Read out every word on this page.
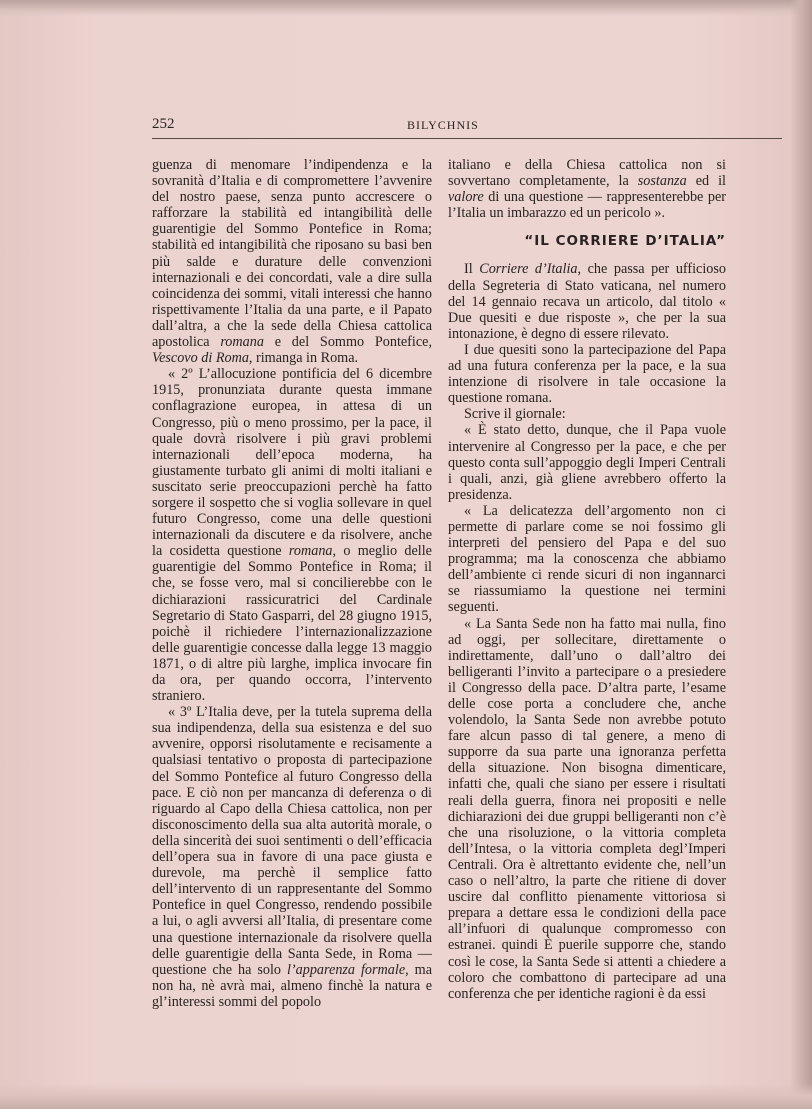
252	BILYCHNIS

guenza di menomare l’indipendenza e la sovranità d’Italia e di compromettere l’avvenire del nostro paese, senza punto accrescere o rafforzare la stabilità ed intangibilità delle guarentigie del Sommo Pontefice in Roma; stabilità ed intangibilità che riposano su basi ben più salde e durature delle convenzioni internazionali e dei concordati, vale a dire sulla coincidenza dei sommi, vitali interessi che hanno rispettivamente l’Italia da una parte, e il Papato dall’altra, a che la sede della Chiesa cattolica apostolica romana e del Sommo Pontefice, Vescovo di Roma, rimanga in Roma.

« 2º L’allocuzione pontificia del 6 dicembre 1915, pronunziata durante questa immane conflagrazione europea, in attesa di un Congresso, più o meno prossimo, per la pace, il quale dovrà risolvere i più gravi problemi internazionali dell’epoca moderna, ha giustamente turbato gli animi di molti italiani e suscitato serie preoccupazioni perchè ha fatto sorgere il sospetto che si voglia sollevare in quel futuro Congresso, come una delle questioni internazionali da discutere e da risolvere, anche la cosidetta questione romana, o meglio delle guarentigie del Sommo Pontefice in Roma; il che, se fosse vero, mal si concilierebbe con le dichiarazioni rassicuratrici del Cardinale Segretario di Stato Gasparri, del 28 giugno 1915, poichè il richiedere l’internazionalizzazione delle guarentigie concesse dalla legge 13 maggio 1871, o di altre più larghe, implica invocare fin da ora, per quando occorra, l’intervento straniero.

« 3º L’Italia deve, per la tutela suprema della sua indipendenza, della sua esistenza e del suo avvenire, opporsi risolutamente e recisamente a qualsiasi tentativo o proposta di partecipazione del Sommo Pontefice al futuro Congresso della pace. E ciò non per mancanza di deferenza o di riguardo al Capo della Chiesa cattolica, non per disconoscimento della sua alta autorità morale, o della sincerità dei suoi sentimenti o dell’efficacia dell’opera sua in favore di una pace giusta e durevole, ma perchè il semplice fatto dell’intervento di un rappresentante del Sommo Pontefice in quel Congresso, rendendo possibile a lui, o agli avversi all’Italia, di presentare come una questione internazionale da risolvere quella delle guarentigie della Santa Sede, in Roma — questione che ha solo l’apparenza formale, ma non ha, nè avrà mai, almeno finchè la natura e gl’interessi sommi del popolo

italiano e della Chiesa cattolica non si sovvertano completamente, la sostanza ed il valore di una questione — rappresenterebbe per l’Italia un imbarazzo ed un pericolo ».

“IL CORRIERE D’ITALIA”

Il Corriere d’Italia, che passa per ufficioso della Segreteria di Stato vaticana, nel numero del 14 gennaio recava un articolo, dal titolo « Due quesiti e due risposte », che per la sua intonazione, è degno di essere rilevato.

I due quesiti sono la partecipazione del Papa ad una futura conferenza per la pace, e la sua intenzione di risolvere in tale occasione la questione romana.

Scrive il giornale:

« È stato detto, dunque, che il Papa vuole intervenire al Congresso per la pace, e che per questo conta sull’appoggio degli Imperi Centrali i quali, anzi, già gliene avrebbero offerto la presidenza.

« La delicatezza dell’argomento non ci permette di parlare come se noi fossimo gli interpreti del pensiero del Papa e del suo programma; ma la conoscenza che abbiamo dell’ambiente ci rende sicuri di non ingannarci se riassumiamo la questione nei termini seguenti.

« La Santa Sede non ha fatto mai nulla, fino ad oggi, per sollecitare, direttamente o indirettamente, dall’uno o dall’altro dei belligeranti l’invito a partecipare o a presiedere il Congresso della pace. D’altra parte, l’esame delle cose porta a concludere che, anche volendolo, la Santa Sede non avrebbe potuto fare alcun passo di tal genere, a meno di supporre da sua parte una ignoranza perfetta della situazione. Non bisogna dimenticare, infatti che, quali che siano per essere i risultati reali della guerra, finora nei propositi e nelle dichiarazioni dei due gruppi belligeranti non c’è che una risoluzione, o la vittoria completa dell’Intesa, o la vittoria completa degl’Imperi Centrali. Ora è altrettanto evidente che, nell’un caso o nell’altro, la parte che ritiene di dover uscire dal conflitto pienamente vittoriosa si prepara a dettare essa le condizioni della pace all’infuori di qualunque compromesso con estranei. quindi È puerile supporre che, stando così le cose, la Santa Sede si attenti a chiedere a coloro che combattono di partecipare ad una conferenza che per identiche ragioni è da essi
